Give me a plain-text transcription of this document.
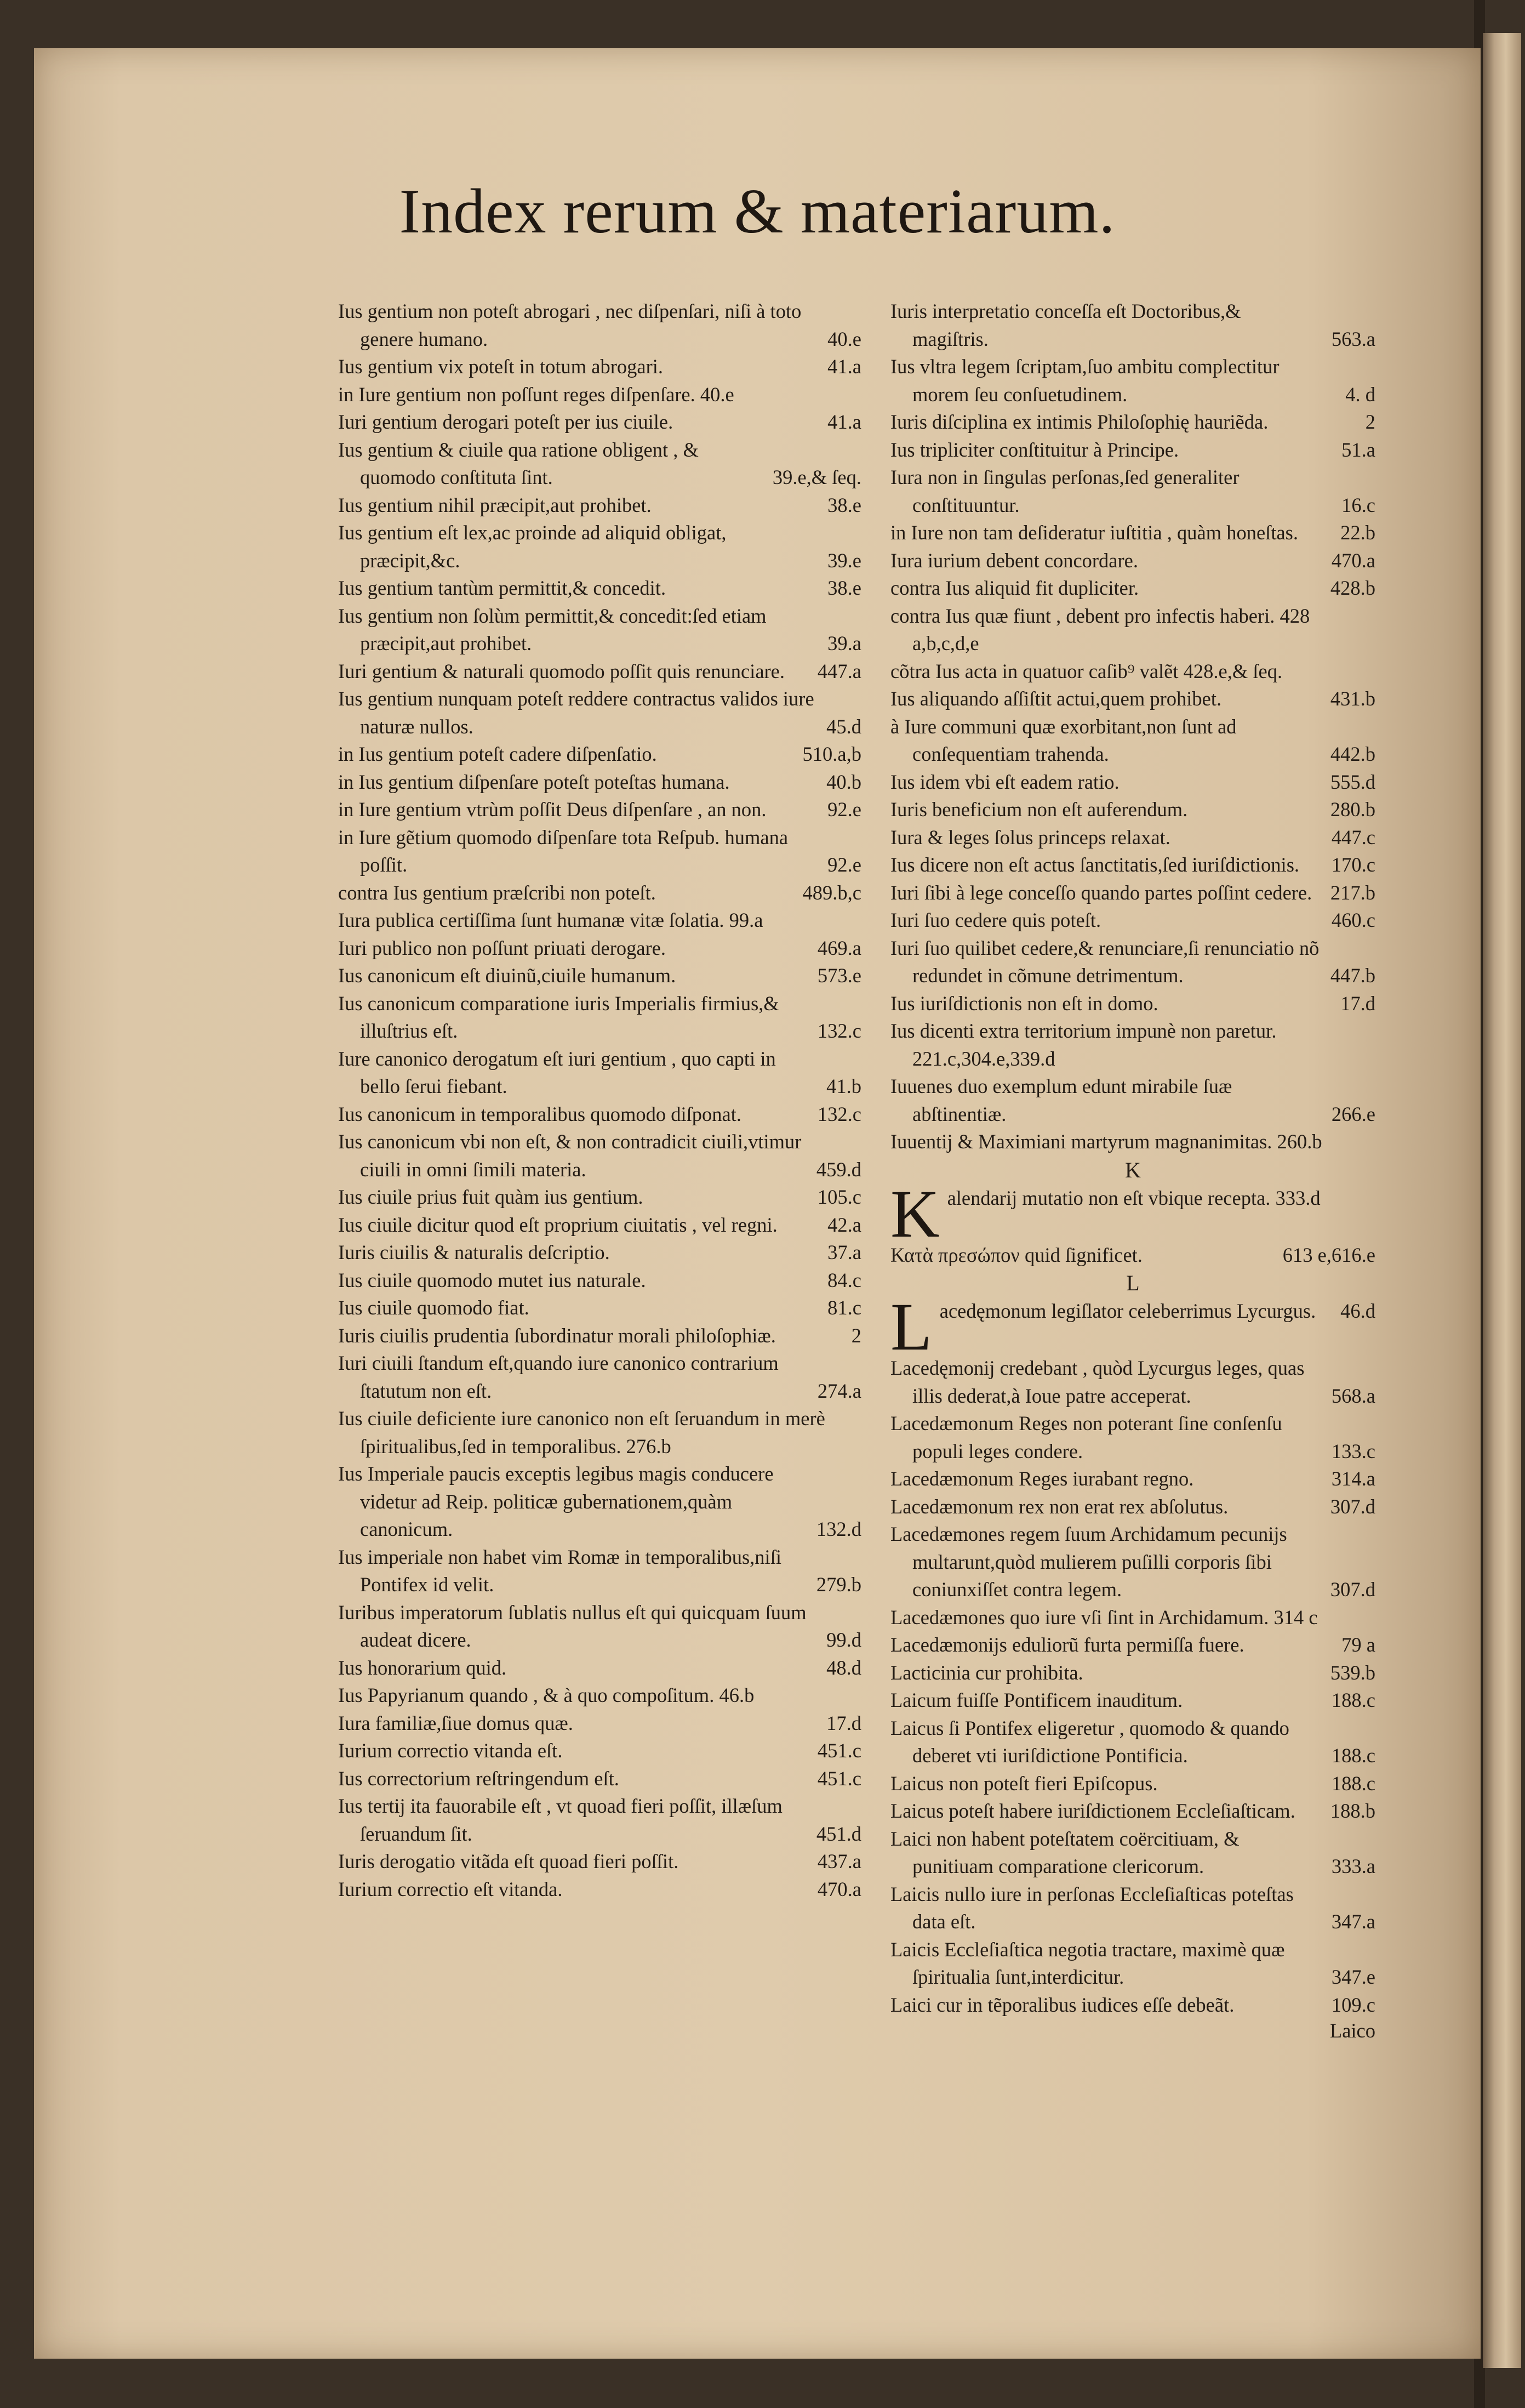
Index rerum & materiarum.
Ius gentium non poteſt abrogari , nec diſpenſari, niſi à toto genere humano.	40.e
Ius gentium vix poteſt in totum abrogari.	41.a
in Iure gentium non poſſunt reges diſpenſare. 40.e
Iuri gentium derogari poteſt per ius ciuile.	41.a
Ius gentium & ciuile qua ratione obligent , & quomodo conſtituta ſint.	39.e,& ſeq.
Ius gentium nihil præcipit,aut prohibet.	38.e
Ius gentium eſt lex,ac proinde ad aliquid obligat, præcipit,&c.	39.e
Ius gentium tantùm permittit,& concedit.	38.e
Ius gentium non ſolùm permittit,& concedit:ſed etiam præcipit,aut prohibet.	39.a
Iuri gentium & naturali quomodo poſſit quis renunciare. 447.a
Ius gentium nunquam poteſt reddere contractus validos iure naturæ nullos.	45.d
in Ius gentium poteſt cadere diſpenſatio.	510.a,b
in Ius gentium diſpenſare poteſt poteſtas humana.	40.b
in Iure gentium vtrùm poſſit Deus diſpenſare , an non.	92.e
in Iure gẽtium quomodo diſpenſare tota Reſpub. humana poſſit.	92.e
contra Ius gentium præſcribi non poteſt.	489.b,c
Iura publica certiſſima ſunt humanæ vitæ ſolatia. 99.a
Iuri publico non poſſunt priuati derogare.	469.a
Ius canonicum eſt diuinũ,ciuile humanum.	573.e
Ius canonicum comparatione iuris Imperialis firmius,& illuſtrius eſt.	132.c
Iure canonico derogatum eſt iuri gentium , quo capti in bello ſerui fiebant.	41.b
Ius canonicum in temporalibus quomodo diſponat.	132.c
Ius canonicum vbi non eſt, & non contradicit ciuili,vtimur ciuili in omni ſimili materia.	459.d
Ius ciuile prius fuit quàm ius gentium.	105.c
Ius ciuile dicitur quod eſt proprium ciuitatis , vel regni.	42.a
Iuris ciuilis & naturalis deſcriptio.	37.a
Ius ciuile quomodo mutet ius naturale.	84.c
Ius ciuile quomodo fiat.	81.c
Iuris ciuilis prudentia ſubordinatur morali philoſophiæ.	2
Iuri ciuili ſtandum eſt,quando iure canonico contrarium ſtatutum non eſt.	274.a
Ius ciuile deficiente iure canonico non eſt ſeruandum in merè ſpiritualibus,ſed in temporalibus. 276.b
Ius Imperiale paucis exceptis legibus magis conducere videtur ad Reip. politicæ gubernationem,quàm canonicum.	132.d
Ius imperiale non habet vim Romæ in temporalibus,niſi Pontifex id velit.	279.b
Iuribus imperatorum ſublatis nullus eſt qui quicquam ſuum audeat dicere.	99.d
Ius honorarium quid.	48.d
Ius Papyrianum quando , & à quo compoſitum. 46.b
Iura familiæ,ſiue domus quæ.	17.d
Iurium correctio vitanda eſt.	451.c
Ius correctorium reſtringendum eſt.	451.c
Ius tertij ita fauorabile eſt , vt quoad fieri poſſit, illæſum ſeruandum ſit.	451.d
Iuris derogatio vitãda eſt quoad fieri poſſit.	437.a
Iurium correctio eſt vitanda.	470.a
Iuris interpretatio conceſſa eſt Doctoribus,& magiſtris.	563.a
Ius vltra legem ſcriptam,ſuo ambitu complectitur morem ſeu conſuetudinem.	4. d
Iuris diſciplina ex intimis Philoſophię hauriẽda.	2
Ius tripliciter conſtituitur à Principe.	51.a
Iura non in ſingulas perſonas,ſed generaliter conſtituuntur.	16.c
in Iure non tam deſideratur iuſtitia , quàm honeſtas. 22.b
Iura iurium debent concordare.	470.a
contra Ius aliquid fit dupliciter.	428.b
contra Ius quæ fiunt , debent pro infectis haberi. 428 a,b,c,d,e
cõtra Ius acta in quatuor caſib⁹ valẽt 428.e,& ſeq.
Ius aliquando aſſiſtit actui,quem prohibet.	431.b
à Iure communi quæ exorbitant,non ſunt ad conſequentiam trahenda.	442.b
Ius idem vbi eſt eadem ratio.	555.d
Iuris beneficium non eſt auferendum.	280.b
Iura & leges ſolus princeps relaxat.	447.c
Ius dicere non eſt actus ſanctitatis,ſed iuriſdictionis. 170.c
Iuri ſibi à lege conceſſo quando partes poſſint cedere. 217.b
Iuri ſuo cedere quis poteſt.	460.c
Iuri ſuo quilibet cedere,& renunciare,ſi renunciatio nõ redundet in cõmune detrimentum.	447.b
Ius iuriſdictionis non eſt in domo.	17.d
Ius dicenti extra territorium impunè non paretur. 221.c,304.e,339.d
Iuuenes duo exemplum edunt mirabile ſuæ abſtinentiæ.	266.e
Iuuentij & Maximiani martyrum magnanimitas. 260.b
K
K alendarij mutatio non eſt vbique recepta. 333.d
Κατὰ πρεσώπον quid ſignificet.	613 e,616.e
L
L acedęmonum legiſlator celeberrimus Lycurgus. 46.d
Lacedęmonij credebant , quòd Lycurgus leges, quas illis dederat,à Ioue patre acceperat.	568.a
Lacedæmonum Reges non poterant ſine conſenſu populi leges condere.	133.c
Lacedæmonum Reges iurabant regno.	314.a
Lacedæmonum rex non erat rex abſolutus.	307.d
Lacedæmones regem ſuum Archidamum pecunijs multarunt,quòd mulierem puſilli corporis ſibi coniunxiſſet contra legem.	307.d
Lacedæmones quo iure vſi ſint in Archidamum. 314 c
Lacedæmonijs eduliorũ furta permiſſa fuere.	79 a
Lacticinia cur prohibita.	539.b
Laicum fuiſſe Pontificem inauditum.	188.c
Laicus ſi Pontifex eligeretur , quomodo & quando deberet vti iuriſdictione Pontificia.	188.c
Laicus non poteſt fieri Epiſcopus.	188.c
Laicus poteſt habere iuriſdictionem Eccleſiaſticam. 188.b
Laici non habent poteſtatem coërcitiuam, & punitiuam comparatione clericorum.	333.a
Laicis nullo iure in perſonas Eccleſiaſticas poteſtas data eſt.	347.a
Laicis Eccleſiaſtica negotia tractare, maximè quæ ſpiritualia ſunt,interdicitur.	347.e
Laici cur in tẽporalibus iudices eſſe debeãt.	109.c
Laico
